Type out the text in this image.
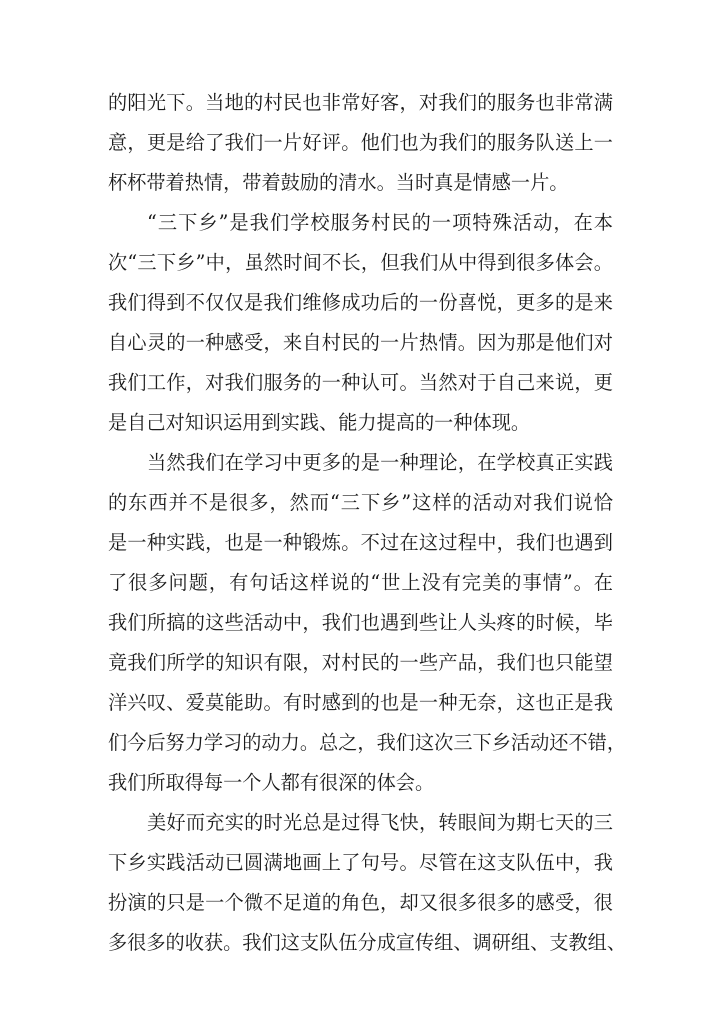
的阳光下。当地的村民也非常好客，对我们的服务也非常满
意，更是给了我们一片好评。他们也为我们的服务队送上一
杯杯带着热情，带着鼓励的清水。当时真是情感一片。
“三下乡”是我们学校服务村民的一项特殊活动，在本
次“三下乡”中，虽然时间不长，但我们从中得到很多体会。
我们得到不仅仅是我们维修成功后的一份喜悦，更多的是来
自心灵的一种感受，来自村民的一片热情。因为那是他们对
我们工作，对我们服务的一种认可。当然对于自己来说，更
是自己对知识运用到实践、能力提高的一种体现。
当然我们在学习中更多的是一种理论，在学校真正实践
的东西并不是很多，然而“三下乡”这样的活动对我们说恰
是一种实践，也是一种锻炼。不过在这过程中，我们也遇到
了很多问题，有句话这样说的“世上没有完美的事情”。在
我们所搞的这些活动中，我们也遇到些让人头疼的时候，毕
竟我们所学的知识有限，对村民的一些产品，我们也只能望
洋兴叹、爱莫能助。有时感到的也是一种无奈，这也正是我
们今后努力学习的动力。总之，我们这次三下乡活动还不错，
我们所取得每一个人都有很深的体会。
美好而充实的时光总是过得飞快，转眼间为期七天的三
下乡实践活动已圆满地画上了句号。尽管在这支队伍中，我
扮演的只是一个微不足道的角色，却又很多很多的感受，很
多很多的收获。我们这支队伍分成宣传组、调研组、支教组、
